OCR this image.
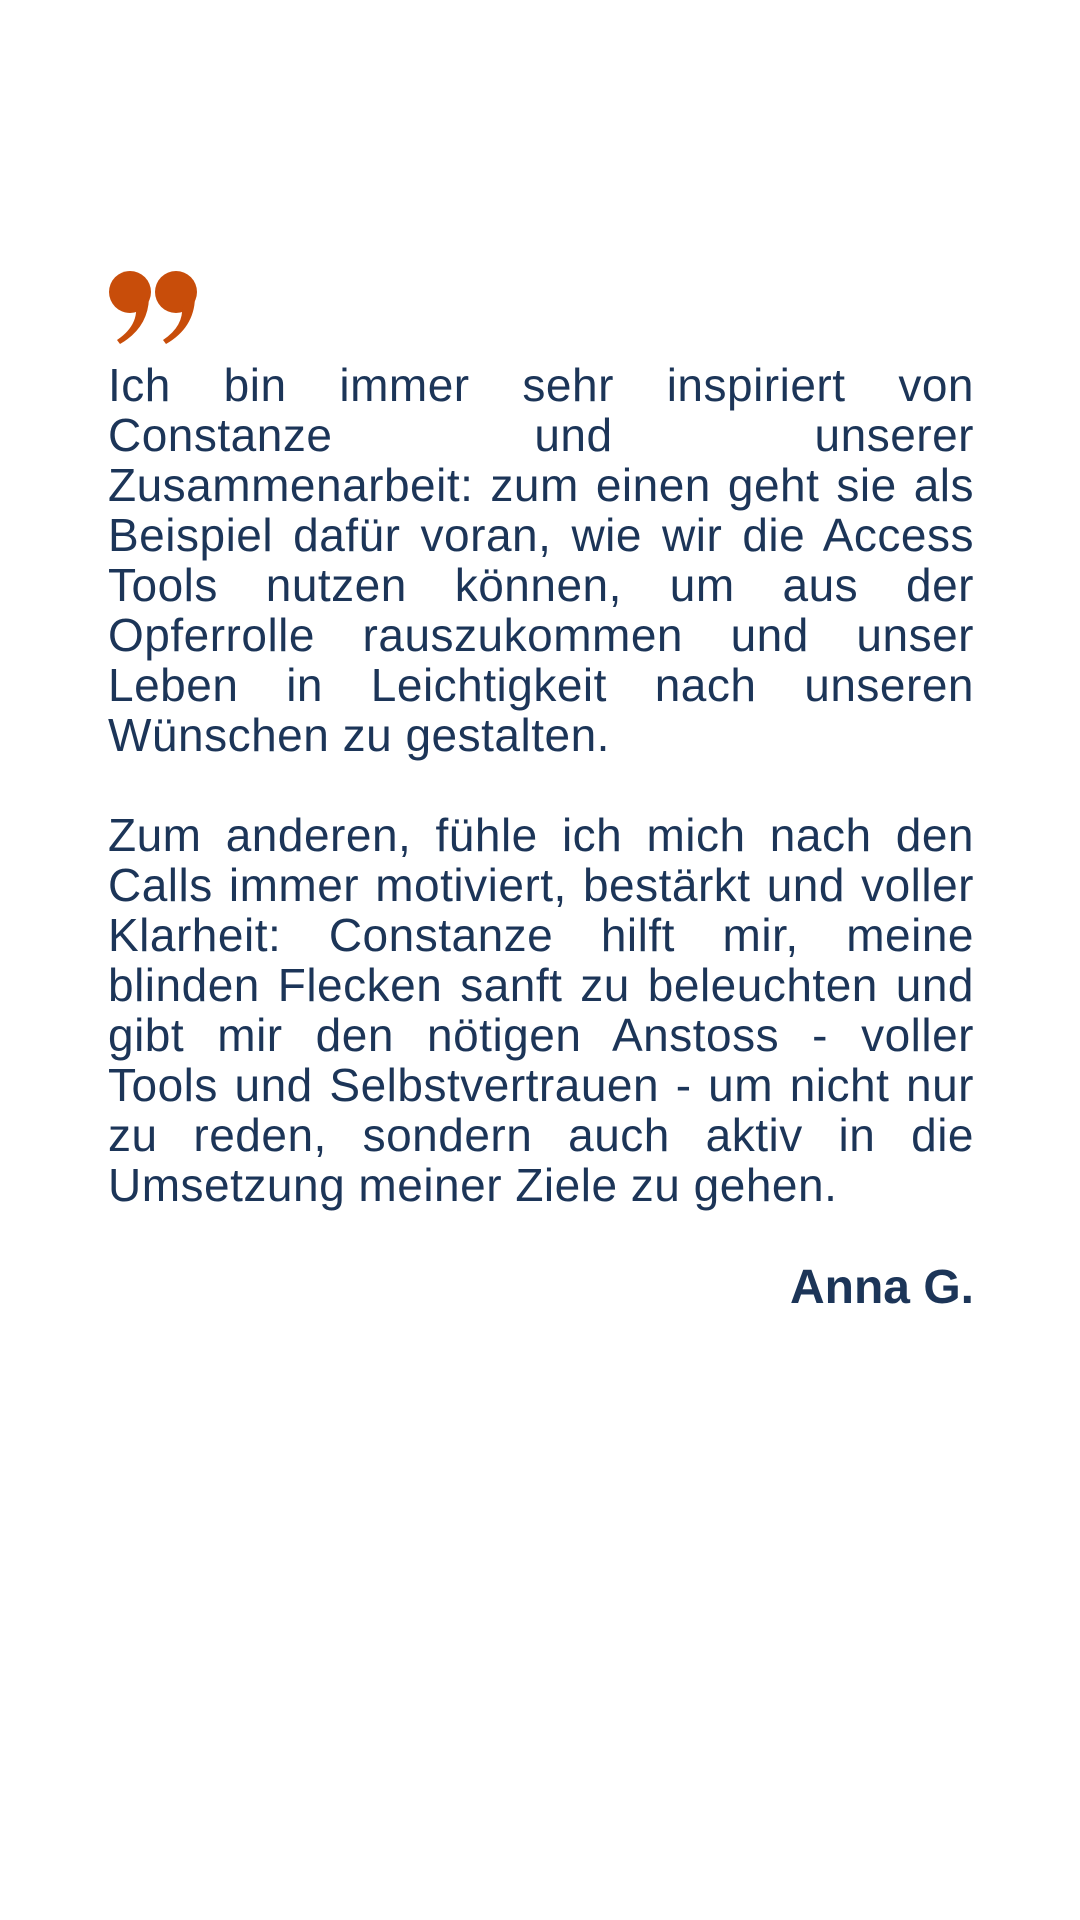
Ich bin immer sehr inspiriert von Constanze und unserer Zusammenarbeit: zum einen geht sie als Beispiel dafür voran, wie wir die Access Tools nutzen können, um aus der Opferrolle rauszukommen und unser Leben in Leichtigkeit nach unseren Wünschen zu gestalten.

Zum anderen, fühle ich mich nach den Calls immer motiviert, bestärkt und voller Klarheit: Constanze hilft mir, meine blinden Flecken sanft zu beleuchten und gibt mir den nötigen Anstoss - voller Tools und Selbstvertrauen - um nicht nur zu reden, sondern auch aktiv in die Umsetzung meiner Ziele zu gehen.

Anna G.
